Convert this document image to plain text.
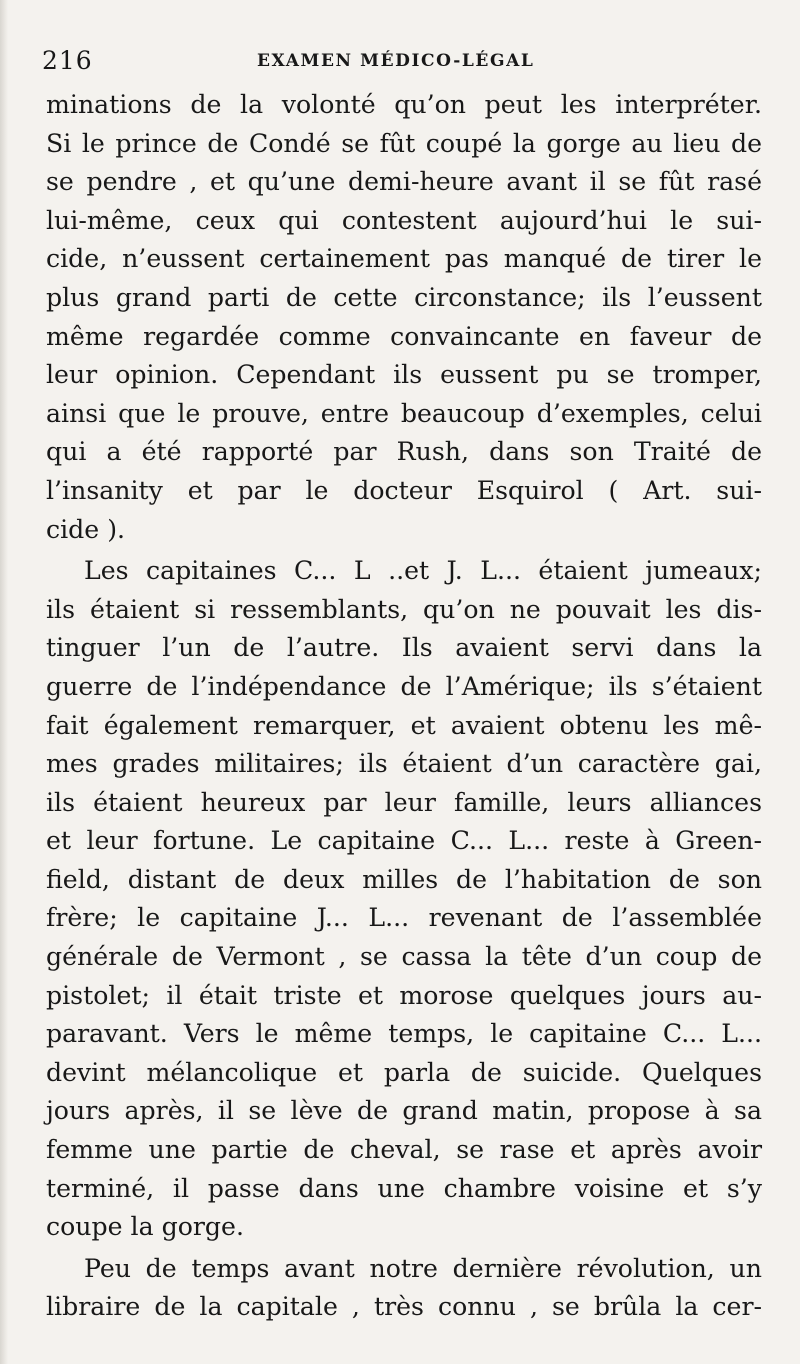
216	EXAMEN MÉDICO-LÉGAL
minations de la volonté qu’on peut les interpréter.
Si le prince de Condé se fût coupé la gorge au lieu de
se pendre , et qu’une demi-heure avant il se fût rasé
lui-même, ceux qui contestent aujourd’hui le sui-
cide, n’eussent certainement pas manqué de tirer le
plus grand parti de cette circonstance; ils l’eussent
même regardée comme convaincante en faveur de
leur opinion. Cependant ils eussent pu se tromper,
ainsi que le prouve, entre beaucoup d’exemples, celui
qui a été rapporté par Rush, dans son Traité de
l’insanity et par le docteur Esquirol ( Art. sui-
cide ).
Les capitaines C... L ..et J. L... étaient jumeaux;
ils étaient si ressemblants, qu’on ne pouvait les dis-
tinguer l’un de l’autre. Ils avaient servi dans la
guerre de l’indépendance de l’Amérique; ils s’étaient
fait également remarquer, et avaient obtenu les mê-
mes grades militaires; ils étaient d’un caractère gai,
ils étaient heureux par leur famille, leurs alliances
et leur fortune. Le capitaine C... L... reste à Green-
field, distant de deux milles de l’habitation de son
frère; le capitaine J... L... revenant de l’assemblée
générale de Vermont , se cassa la tête d’un coup de
pistolet; il était triste et morose quelques jours au-
paravant. Vers le même temps, le capitaine C... L...
devint mélancolique et parla de suicide. Quelques
jours après, il se lève de grand matin, propose à sa
femme une partie de cheval, se rase et après avoir
terminé, il passe dans une chambre voisine et s’y
coupe la gorge.
Peu de temps avant notre dernière révolution, un
libraire de la capitale , très connu , se brûla la cer-
